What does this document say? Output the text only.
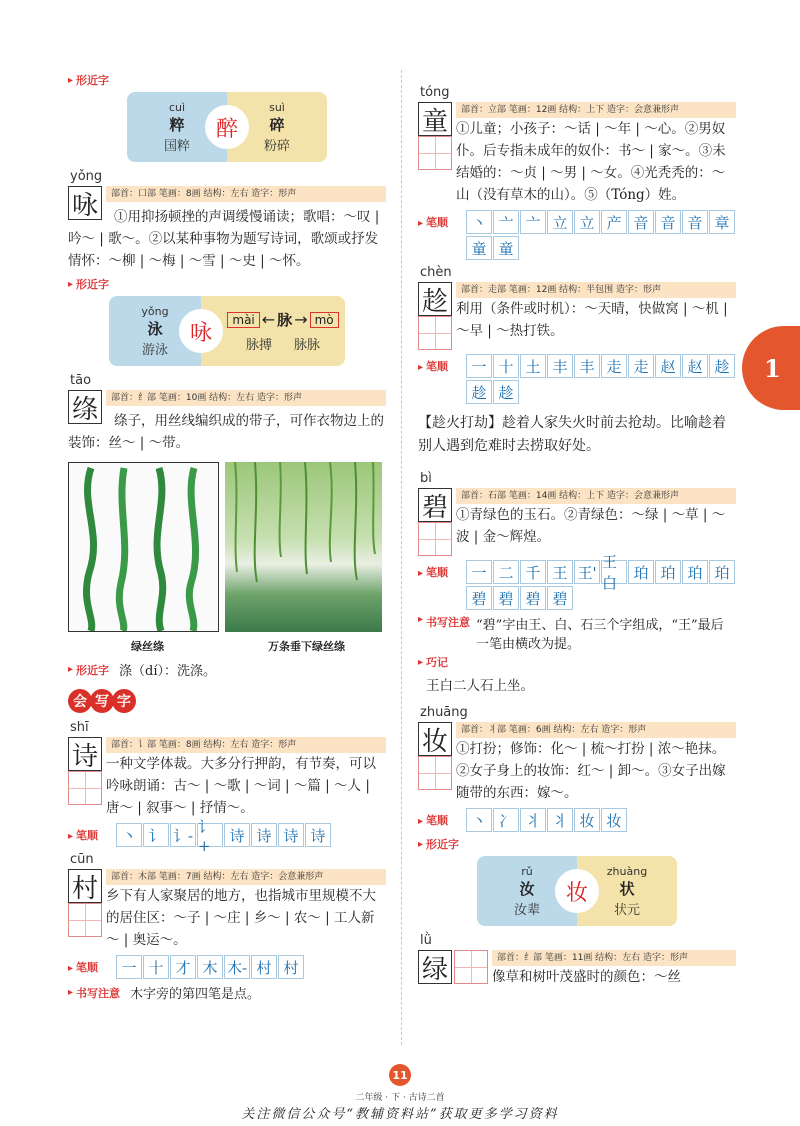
▸ 形近字
cuì
粹
国粹
suì
碎
粉碎
醉
yǒng
咏	部首：口部 笔画：8画 结构：左右 造字：形声
①用抑扬顿挫的声调缓慢诵读；歌唱：～叹 | 吟～ | 歌～。②以某种事物为题写诗词，歌颂或抒发情怀：～柳 | ～梅 | ～雪 | ～史 | ～怀。
▸ 形近字
yǒng
泳
游泳
mài ← 脉 → mò
脉搏 脉脉
咏
tāo
绦	部首：纟部 笔画：10画 结构：左右 造字：形声
绦子，用丝线编织成的带子，可作衣物边上的装饰：丝～ | ～带。
绿丝绦	万条垂下绿丝绦
▸ 形近字 涤（dí）：洗涤。
会 写 字
shī
诗	部首：讠部 笔画：8画 结构：左右 造字：形声
一种文学体裁。大多分行押韵，有节奏，可以吟咏朗诵：古～ | ～歌 | ～词 | ～篇 | ～人 | 唐～ | 叙事～ | 抒情～。
▸ 笔顺	丶 讠 讠- 讠+
诗 诗 诗 诗
cūn
村	部首：木部 笔画：7画 结构：左右 造字：会意兼形声
乡下有人家聚居的地方，也指城市里规模不大的居住区：～子 | ～庄 | 乡～ | 农～ | 工人新～ | 奥运～。
▸ 笔顺	一 十 才 木 木- 村 村
▸ 书写注意 木字旁的第四笔是点。
tóng
童	部首：立部 笔画：12画 结构：上下 造字：会意兼形声
①儿童；小孩子：～话 | ～年 | ～心。②男奴仆。后专指未成年的奴仆：书～ | 家～。③未结婚的：～贞 | ～男 | ～女。④光秃秃的：～山（没有草木的山）。⑤（Tóng）姓。
▸ 笔顺	丶 亠 亠 立 立 产 音 音 音 章
童 童
chèn
趁	部首：走部 笔画：12画 结构：半包围 造字：形声
利用（条件或时机）：～天晴，快做窝 | ～机 | ～早 | ～热打铁。
▸ 笔顺	一 十 土 丰 丰 走 走 赵 赵 趁
趁 趁
【趁火打劫】趁着人家失火时前去抢劫。比喻趁着别人遇到危难时去捞取好处。
bì
碧	部首：石部 笔画：14画 结构：上下 造字：会意兼形声
①青绿色的玉石。②青绿色：～绿 | ～草 | ～波 | 金～辉煌。
▸ 笔顺	一 二 千 王 王'
王白
珀 珀 珀 珀
碧 碧 碧 碧
▸ 书写注意 “碧”字由王、白、石三个字组成，“王”最后一笔由横改为提。
▸ 巧记
王白二人石上坐。
zhuāng
妆	部首：丬部 笔画：6画 结构：左右 造字：形声
①打扮；修饰：化～ | 梳～打扮 | 浓～艳抹。②女子身上的妆饰：红～ | 卸～。③女子出嫁随带的东西：嫁～。
▸ 笔顺	丶 冫 丬 丬 妆 妆
▸ 形近字
rǔ
汝
汝辈
zhuàng
状
状元
妆
lǜ
绿	部首：纟部 笔画：11画 结构：左右 造字：形声
像草和树叶茂盛时的颜色：～丝
1
11
二年级 · 下 · 古诗二首
关注微信公众号“教辅资料站”获取更多学习资料
